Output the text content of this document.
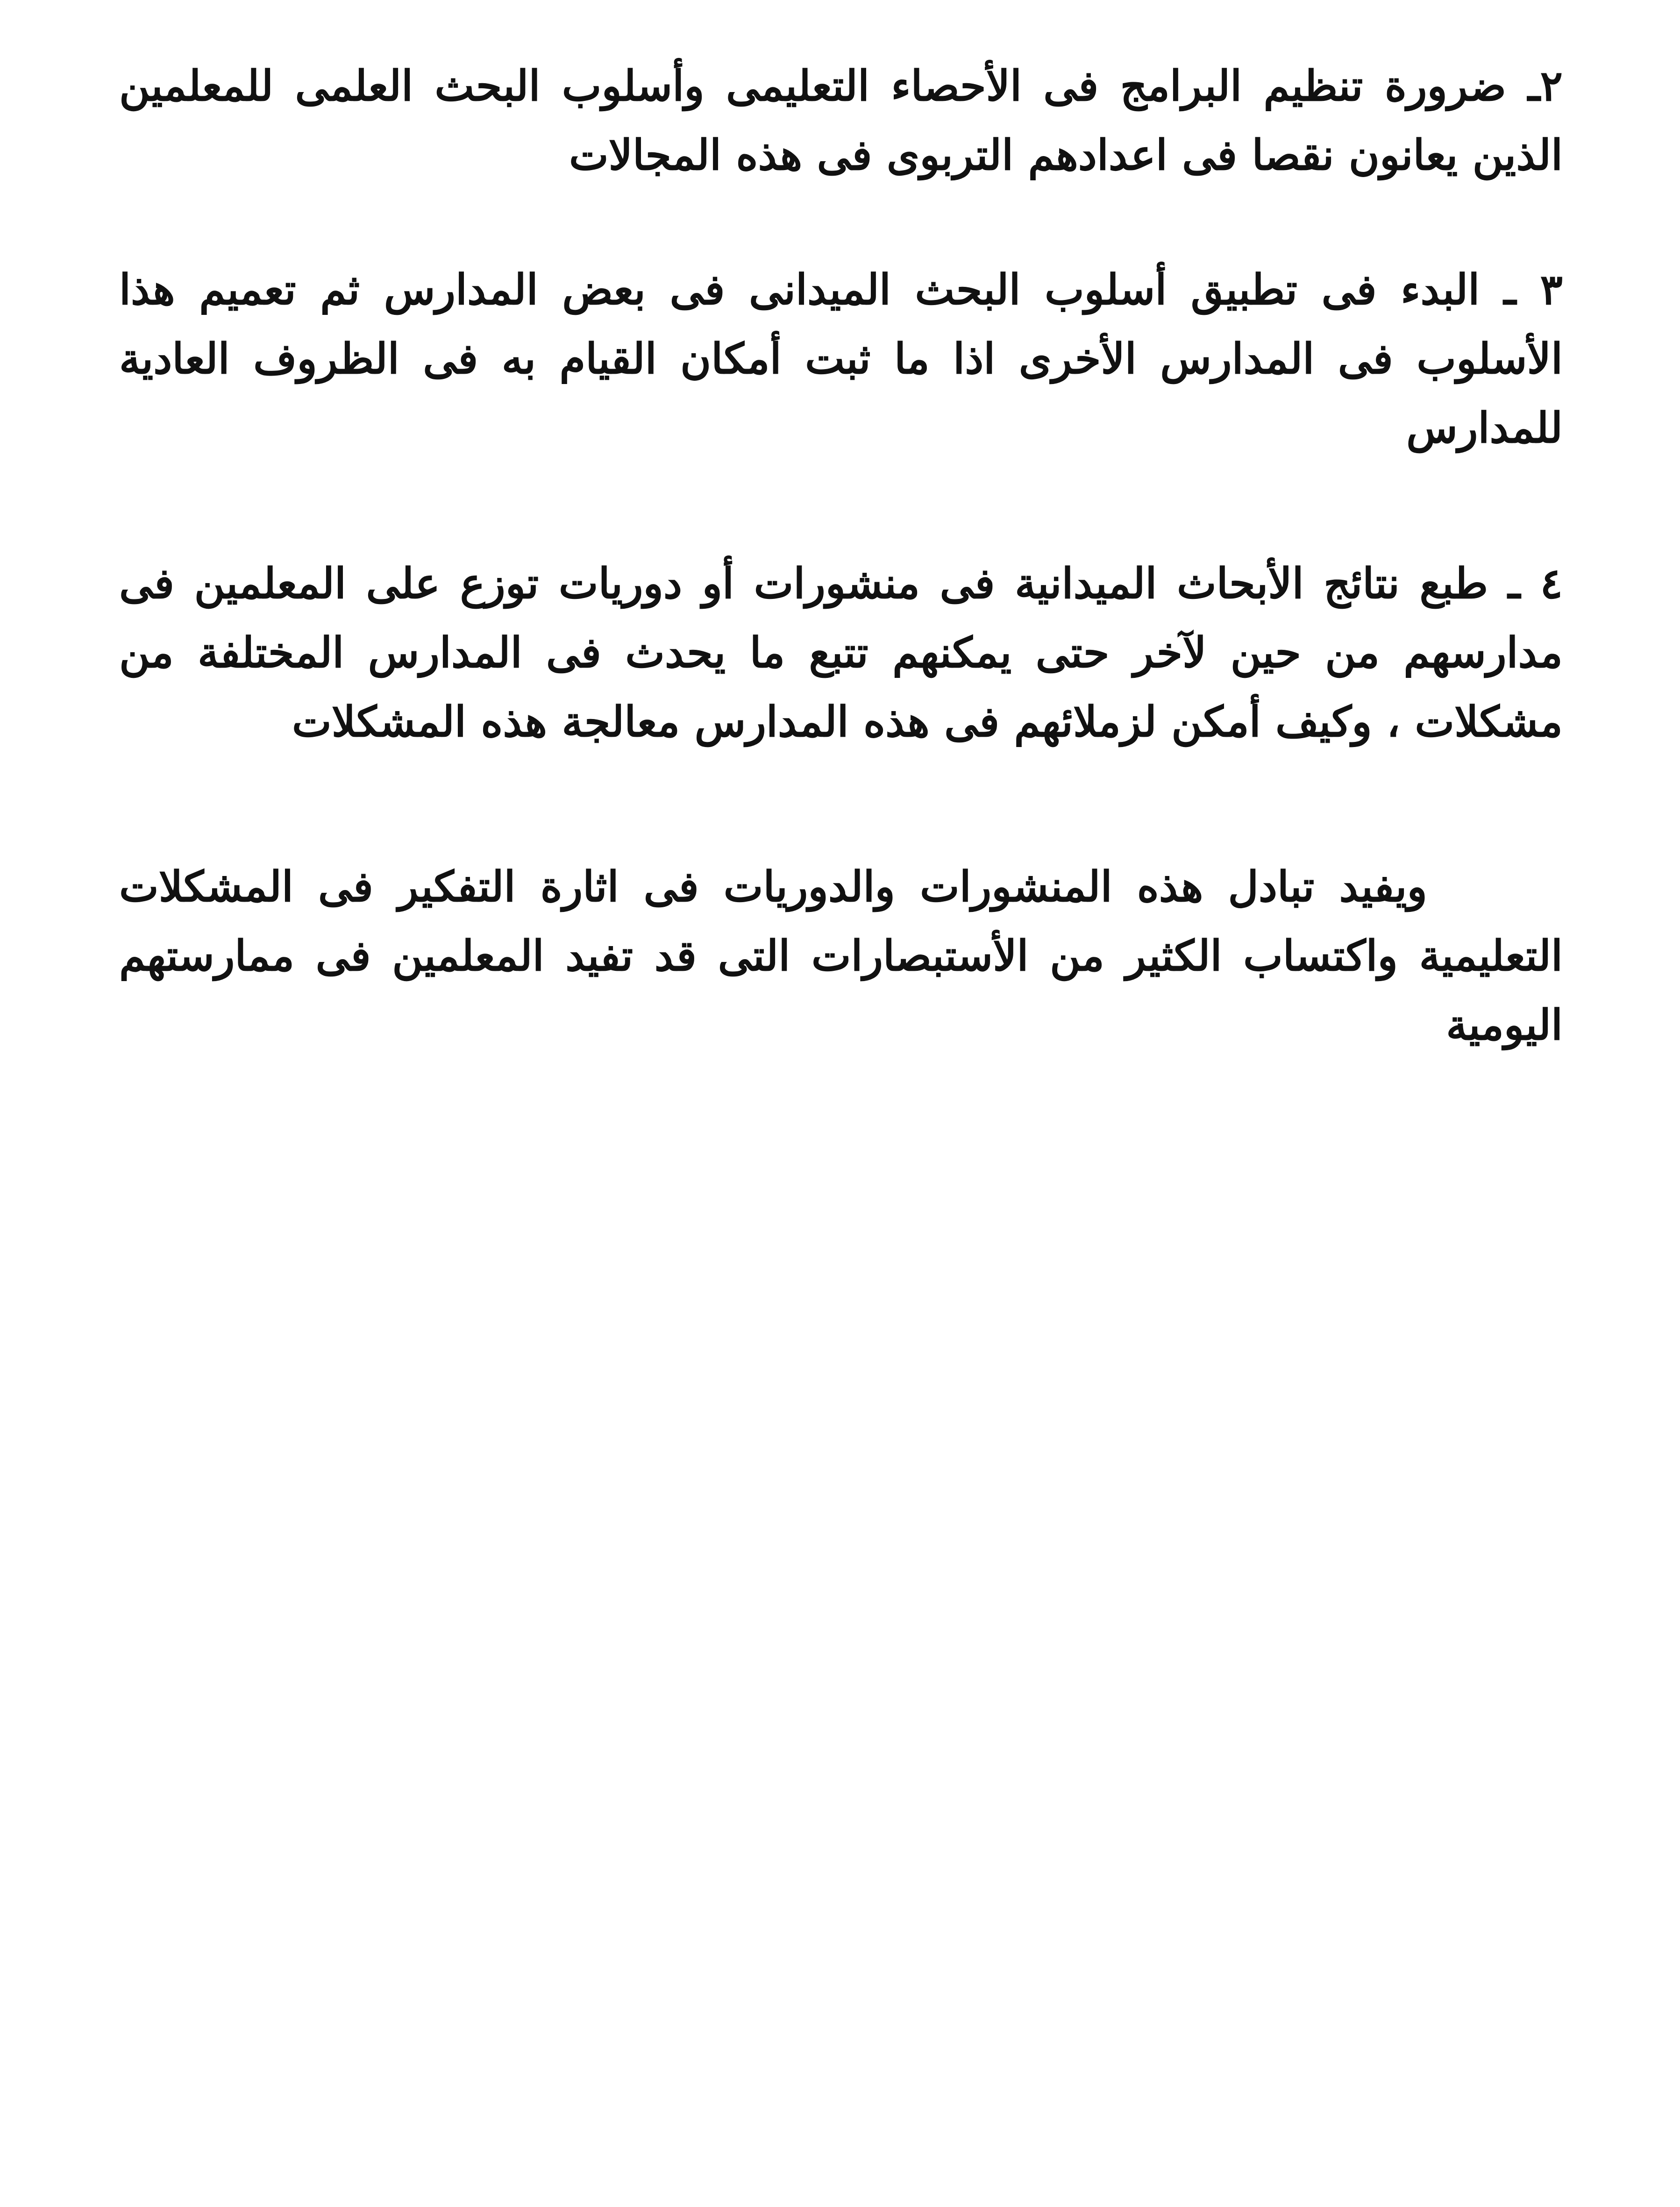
٢ـ ضرورة تنظيم البرامج فى الأحصاء التعليمى وأسلوب البحث العلمى للمعلمين الذين يعانون نقصا فى اعدادهم التربوى فى هذه المجالات

٣ ـ البدء فى تطبيق أسلوب البحث الميدانى فى بعض المدارس ثم تعميم هذا الأسلوب فى المدارس الأخرى اذا ما ثبت أمكان القيام به فى الظروف العادية للمدارس

٤ ـ طبع نتائج الأبحاث الميدانية فى منشورات أو دوريات توزع على المعلمين فى مدارسهم من حين لآخر حتى يمكنهم تتبع ما يحدث فى المدارس المختلفة من مشكلات ، وكيف أمكن لزملائهم فى هذه المدارس معالجة هذه المشكلات

ويفيد تبادل هذه المنشورات والدوريات فى اثارة التفكير فى المشكلات التعليمية واكتساب الكثير من الأستبصارات التى قد تفيد المعلمين فى ممارستهم اليومية
